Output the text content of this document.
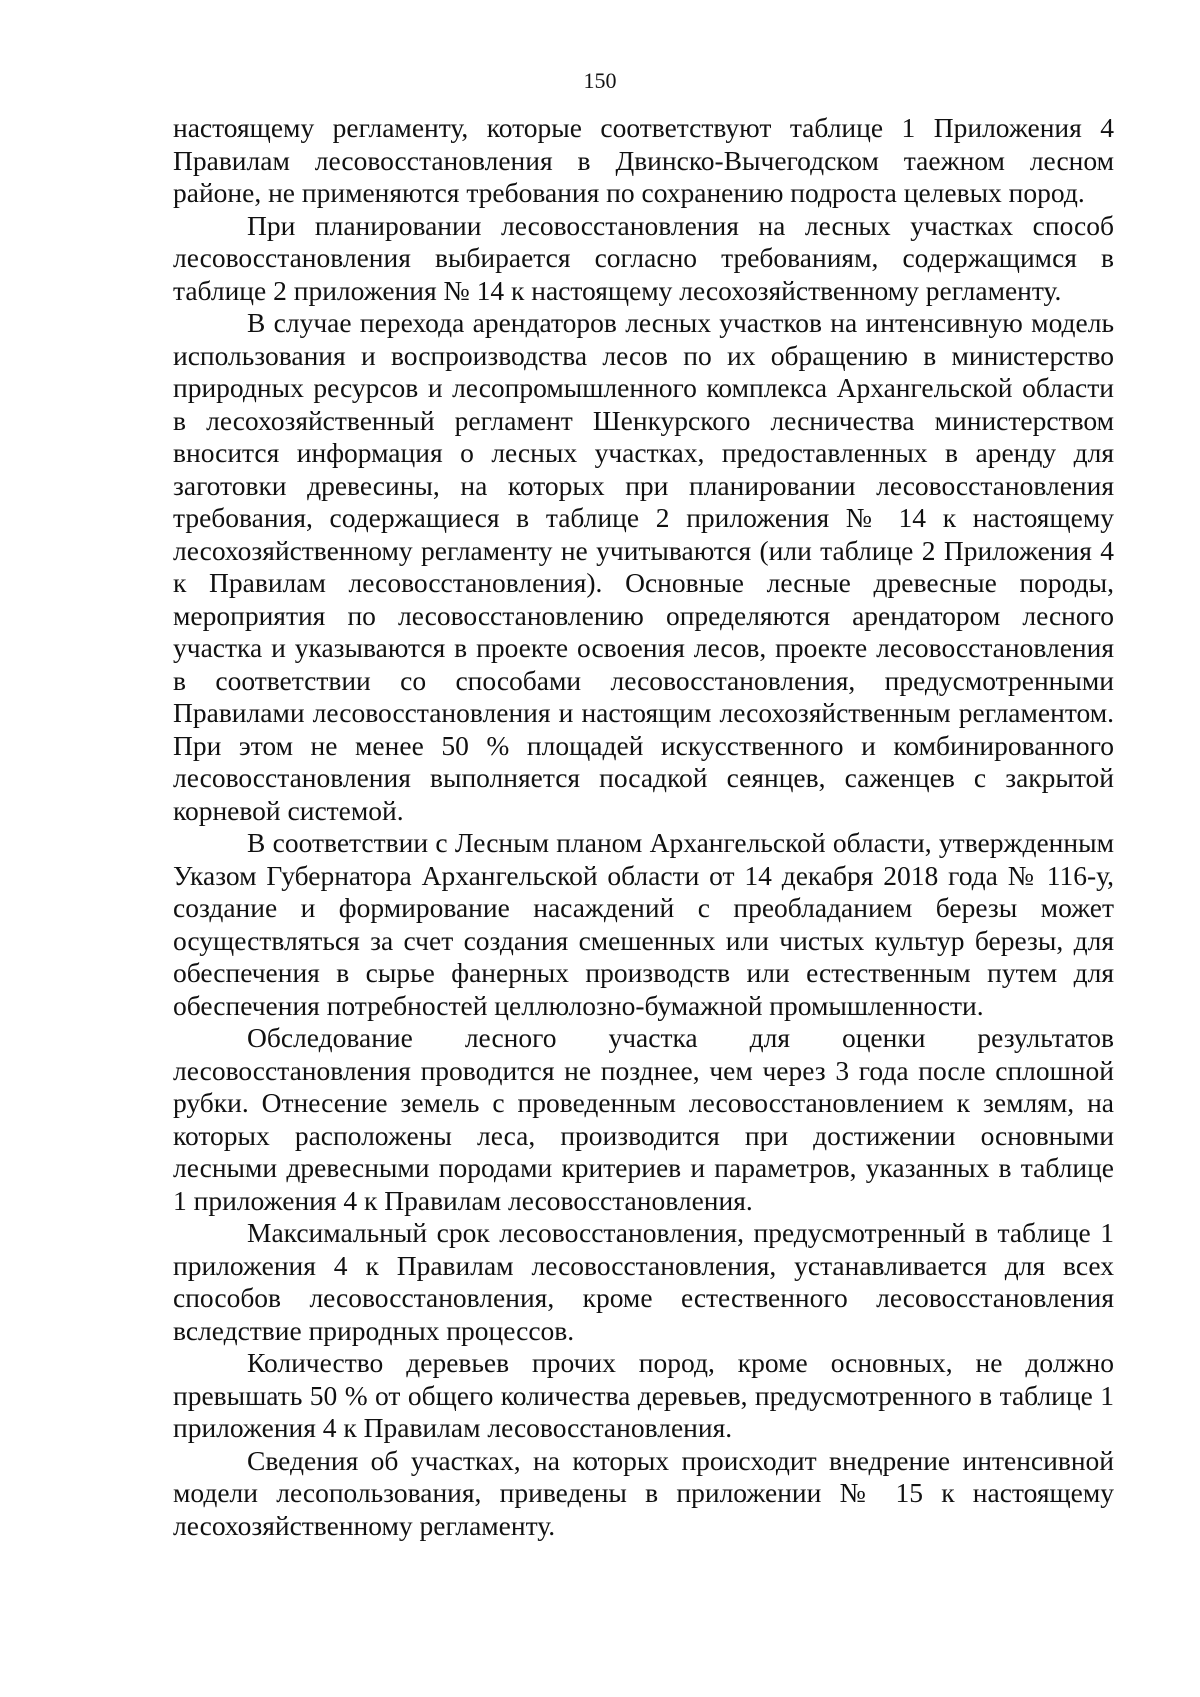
150

настоящему регламенту, которые соответствуют таблице 1 Приложения 4 Правилам лесовосстановления в Двинско-Вычегодском таежном лесном районе, не применяются требования по сохранению подроста целевых пород.

При планировании лесовосстановления на лесных участках способ лесовосстановления выбирается согласно требованиям, содержащимся в таблице 2 приложения № 14 к настоящему лесохозяйственному регламенту.

В случае перехода арендаторов лесных участков на интенсивную модель использования и воспроизводства лесов по их обращению в министерство природных ресурсов и лесопромышленного комплекса Архангельской области в лесохозяйственный регламент Шенкурского лесничества министерством вносится информация о лесных участках, предоставленных в аренду для заготовки древесины, на которых при планировании лесовосстановления требования, содержащиеся в таблице 2 приложения № 14 к настоящему лесохозяйственному регламенту не учитываются (или таблице 2 Приложения 4 к Правилам лесовосстановления). Основные лесные древесные породы, мероприятия по лесовосстановлению определяются арендатором лесного участка и указываются в проекте освоения лесов, проекте лесовосстановления в соответствии со способами лесовосстановления, предусмотренными Правилами лесовосстановления и настоящим лесохозяйственным регламентом. При этом не менее 50 % площадей искусственного и комбинированного лесовосстановления выполняется посадкой сеянцев, саженцев с закрытой корневой системой.

В соответствии с Лесным планом Архангельской области, утвержденным Указом Губернатора Архангельской области от 14 декабря 2018 года № 116-у, создание и формирование насаждений с преобладанием березы может осуществляться за счет создания смешенных или чистых культур березы, для обеспечения в сырье фанерных производств или естественным путем для обеспечения потребностей целлюлозно-бумажной промышленности.

Обследование лесного участка для оценки результатов лесовосстановления проводится не позднее, чем через 3 года после сплошной рубки. Отнесение земель с проведенным лесовосстановлением к землям, на которых расположены леса, производится при достижении основными лесными древесными породами критериев и параметров, указанных в таблице 1 приложения 4 к Правилам лесовосстановления.

Максимальный срок лесовосстановления, предусмотренный в таблице 1 приложения 4 к Правилам лесовосстановления, устанавливается для всех способов лесовосстановления, кроме естественного лесовосстановления вследствие природных процессов.

Количество деревьев прочих пород, кроме основных, не должно превышать 50 % от общего количества деревьев, предусмотренного в таблице 1 приложения 4 к Правилам лесовосстановления.

Сведения об участках, на которых происходит внедрение интенсивной модели лесопользования, приведены в приложении № 15 к настоящему лесохозяйственному регламенту.
